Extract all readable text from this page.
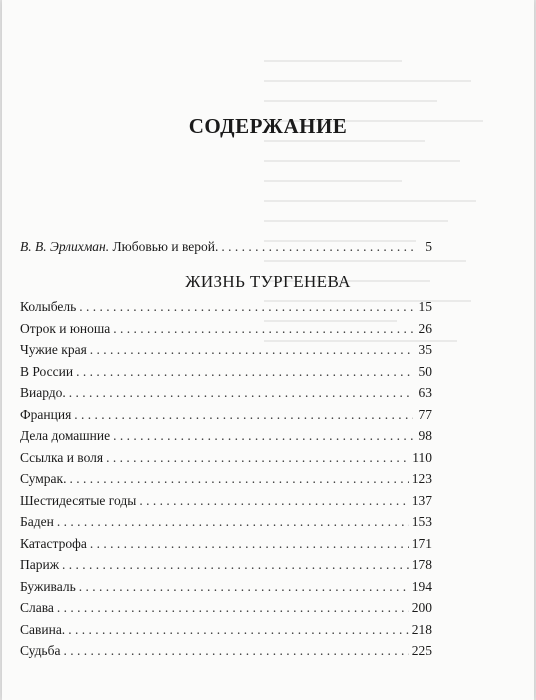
СОДЕРЖАНИЕ
В. В. Эрлихман. Любовью и верой. . . .	5
ЖИЗНЬ ТУРГЕНЕВА
Колыбель . . .	15
Отрок и юноша . . .	26
Чужие края . . .	35
В России . . .	50
Виардо. . . .	63
Франция . . .	77
Дела домашние . . .	98
Ссылка и воля . . .	110
Сумрак. . . .	123
Шестидесятые годы . . .	137
Баден . . .	153
Катастрофа . . .	171
Париж . . .	178
Буживаль . . .	194
Слава . . .	200
Савина. . . .	218
Судьба . . .	225
